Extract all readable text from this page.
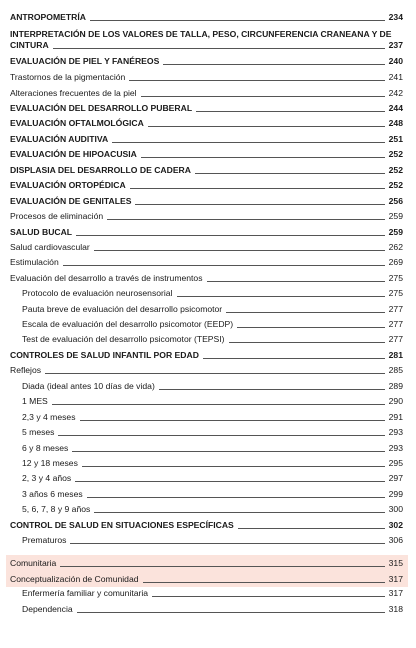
ANTROPOMETRÍA	234
INTERPRETACIÓN DE LOS VALORES DE TALLA, PESO, CIRCUNFERENCIA CRANEANA Y DE
CINTURA	237
EVALUACIÓN DE PIEL Y FANÉREOS	240
Trastornos de la pigmentación	241
Alteraciones frecuentes de la piel	242
EVALUACIÓN DEL DESARROLLO PUBERAL	244
EVALUACIÓN OFTALMOLÓGICA	248
EVALUACIÓN AUDITIVA	251
EVALUACIÓN DE HIPOACUSIA	252
DISPLASIA DEL DESARROLLO DE CADERA	252
EVALUACIÓN ORTOPÉDICA	252
EVALUACIÓN DE GENITALES	256
Procesos de eliminación	259
SALUD BUCAL	259
Salud cardiovascular	262
Estimulación	269
Evaluación del desarrollo a través de instrumentos	275
Protocolo de evaluación neurosensorial	275
Pauta breve de evaluación del desarrollo psicomotor	277
Escala de evaluación del desarrollo psicomotor (EEDP)	277
Test de evaluación del desarrollo psicomotor (TEPSI)	277
CONTROLES DE SALUD INFANTIL POR EDAD	281
Reflejos	285
Diada (ideal antes 10 días de vida)	289
1 MES	290
2,3 y 4 meses	291
5 meses	293
6 y 8 meses	293
12 y 18 meses	295
2, 3 y 4 años	297
3 años 6 meses	299
5, 6, 7, 8 y 9 años	300
CONTROL DE SALUD EN SITUACIONES ESPECÍFICAS	302
Prematuros	306
Comunitaria	315
Conceptualización de Comunidad	317
Enfermería familiar y comunitaria	317
Dependencia	318
